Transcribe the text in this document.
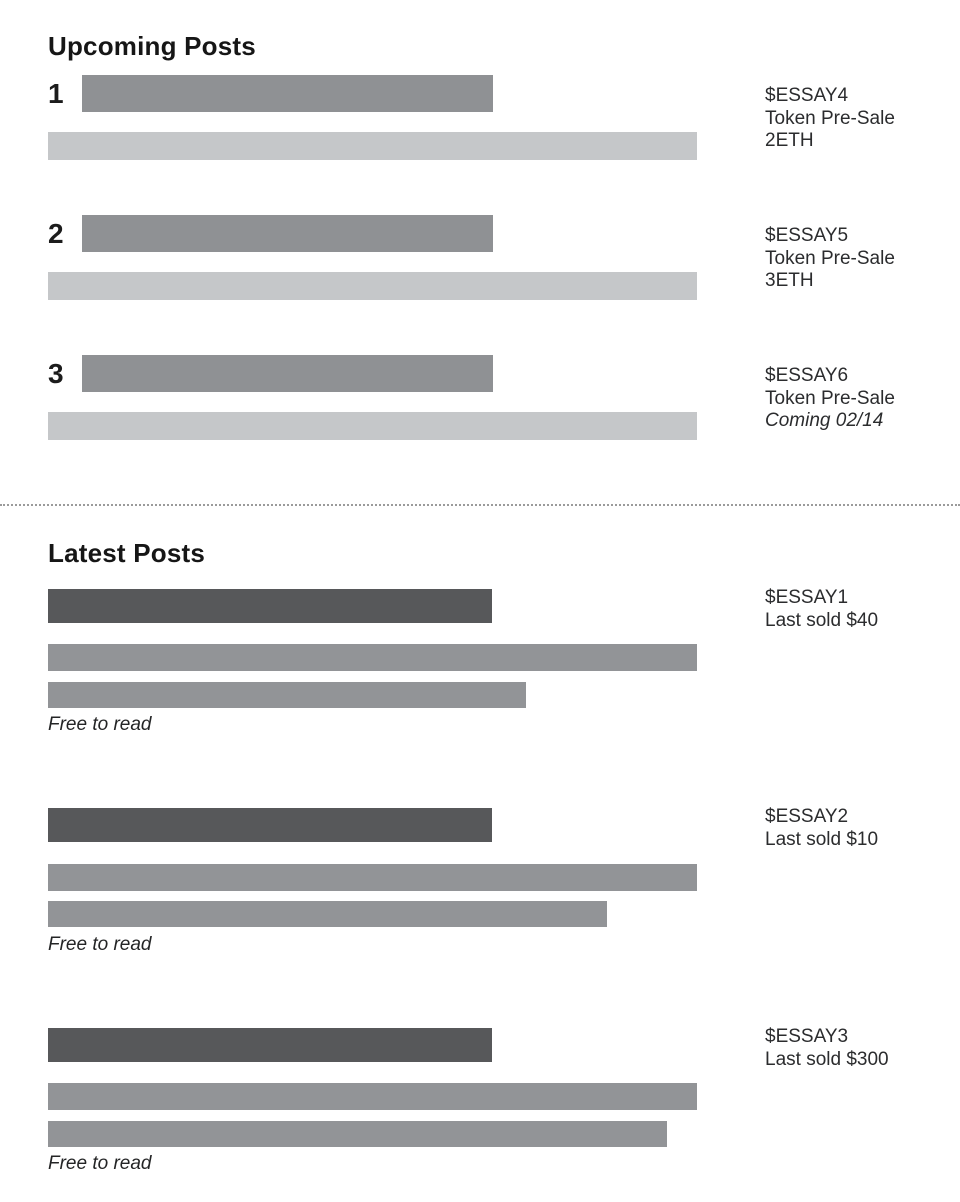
Upcoming Posts
1	$ESSAY4
Token Pre-Sale
2ETH
2	$ESSAY5
Token Pre-Sale
3ETH
3	$ESSAY6
Token Pre-Sale
Coming 02/14
Latest Posts
Free to read
$ESSAY1
Last sold $40
Free to read
$ESSAY2
Last sold $10
Free to read
$ESSAY3
Last sold $300
